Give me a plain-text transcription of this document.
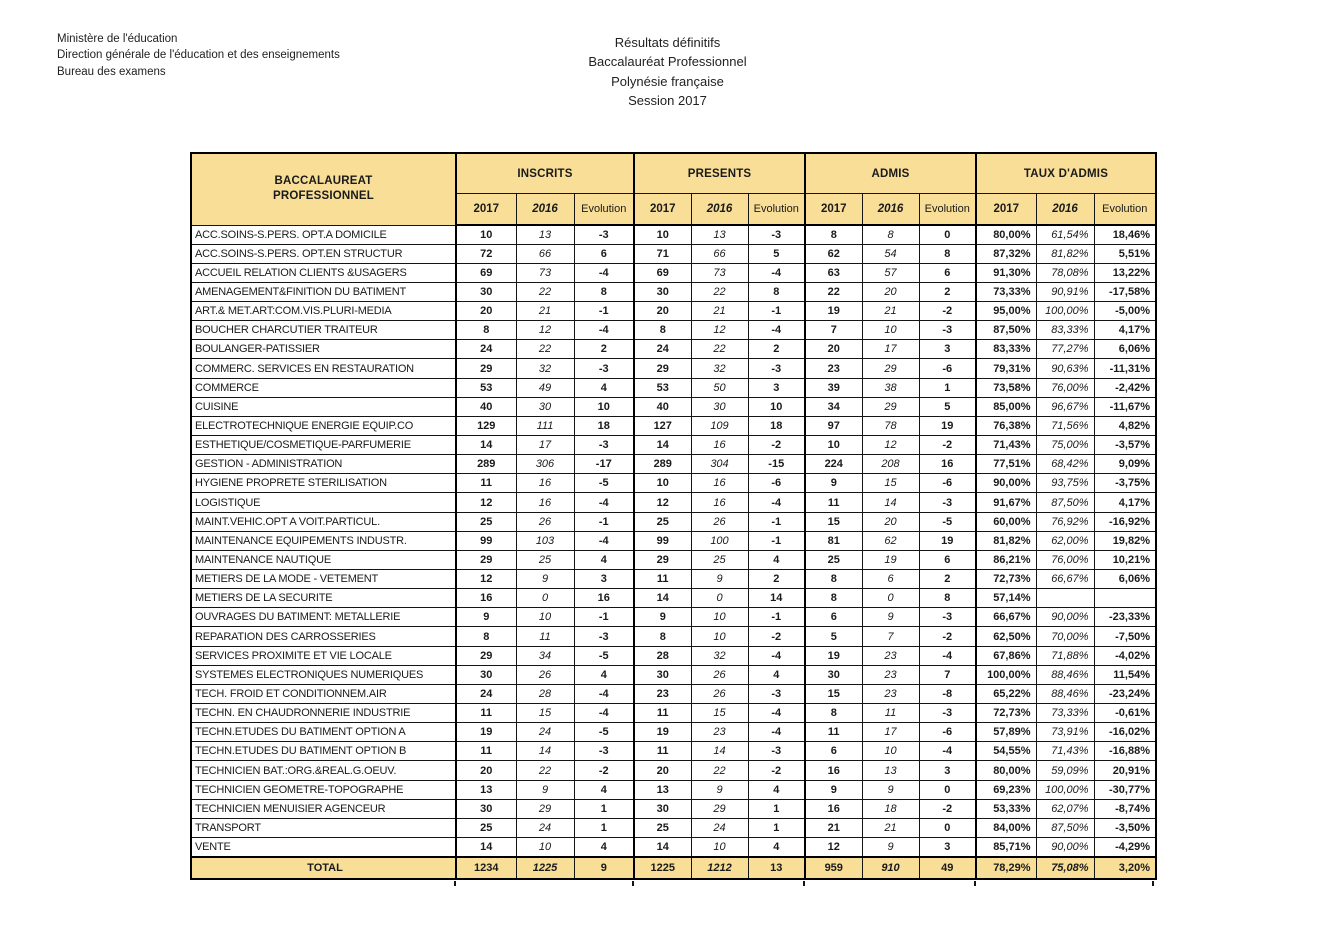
Ministère de l'éducation
Direction générale de l'éducation et des enseignements
Bureau des examens
Résultats définitifs
Baccalauréat Professionnel
Polynésie française
Session 2017
BACCALAUREAT
PROFESSIONNEL	INSCRITS			PRESENTS			ADMIS			TAUX D'ADMIS		
	2017	2016	Evolution	2017	2016	Evolution	2017	2016	Evolution	2017	2016	Evolution
ACC.SOINS-S.PERS. OPT.A DOMICILE	10	13	-3	10	13	-3	8	8	0	80,00%	61,54%	18,46%
ACC.SOINS-S.PERS. OPT.EN STRUCTUR	72	66	6	71	66	5	62	54	8	87,32%	81,82%	5,51%
ACCUEIL RELATION CLIENTS &USAGERS	69	73	-4	69	73	-4	63	57	6	91,30%	78,08%	13,22%
AMENAGEMENT&FINITION DU BATIMENT	30	22	8	30	22	8	22	20	2	73,33%	90,91%	-17,58%
ART.& MET.ART:COM.VIS.PLURI-MEDIA	20	21	-1	20	21	-1	19	21	-2	95,00%	100,00%	-5,00%
BOUCHER CHARCUTIER TRAITEUR	8	12	-4	8	12	-4	7	10	-3	87,50%	83,33%	4,17%
BOULANGER-PATISSIER	24	22	2	24	22	2	20	17	3	83,33%	77,27%	6,06%
COMMERC. SERVICES EN RESTAURATION	29	32	-3	29	32	-3	23	29	-6	79,31%	90,63%	-11,31%
COMMERCE	53	49	4	53	50	3	39	38	1	73,58%	76,00%	-2,42%
CUISINE	40	30	10	40	30	10	34	29	5	85,00%	96,67%	-11,67%
ELECTROTECHNIQUE ENERGIE EQUIP.CO	129	111	18	127	109	18	97	78	19	76,38%	71,56%	4,82%
ESTHETIQUE/COSMETIQUE-PARFUMERIE	14	17	-3	14	16	-2	10	12	-2	71,43%	75,00%	-3,57%
GESTION - ADMINISTRATION	289	306	-17	289	304	-15	224	208	16	77,51%	68,42%	9,09%
HYGIENE PROPRETE STERILISATION	11	16	-5	10	16	-6	9	15	-6	90,00%	93,75%	-3,75%
LOGISTIQUE	12	16	-4	12	16	-4	11	14	-3	91,67%	87,50%	4,17%
MAINT.VEHIC.OPT A VOIT.PARTICUL.	25	26	-1	25	26	-1	15	20	-5	60,00%	76,92%	-16,92%
MAINTENANCE EQUIPEMENTS INDUSTR.	99	103	-4	99	100	-1	81	62	19	81,82%	62,00%	19,82%
MAINTENANCE NAUTIQUE	29	25	4	29	25	4	25	19	6	86,21%	76,00%	10,21%
METIERS DE LA MODE - VETEMENT	12	9	3	11	9	2	8	6	2	72,73%	66,67%	6,06%
METIERS DE LA SECURITE	16	0	16	14	0	14	8	0	8	57,14%		
OUVRAGES DU BATIMENT: METALLERIE	9	10	-1	9	10	-1	6	9	-3	66,67%	90,00%	-23,33%
REPARATION DES CARROSSERIES	8	11	-3	8	10	-2	5	7	-2	62,50%	70,00%	-7,50%
SERVICES PROXIMITE ET VIE LOCALE	29	34	-5	28	32	-4	19	23	-4	67,86%	71,88%	-4,02%
SYSTEMES ELECTRONIQUES NUMERIQUES	30	26	4	30	26	4	30	23	7	100,00%	88,46%	11,54%
TECH. FROID ET CONDITIONNEM.AIR	24	28	-4	23	26	-3	15	23	-8	65,22%	88,46%	-23,24%
TECHN. EN CHAUDRONNERIE INDUSTRIE	11	15	-4	11	15	-4	8	11	-3	72,73%	73,33%	-0,61%
TECHN.ETUDES DU BATIMENT OPTION A	19	24	-5	19	23	-4	11	17	-6	57,89%	73,91%	-16,02%
TECHN.ETUDES DU BATIMENT OPTION B	11	14	-3	11	14	-3	6	10	-4	54,55%	71,43%	-16,88%
TECHNICIEN BAT.:ORG.&REAL.G.OEUV.	20	22	-2	20	22	-2	16	13	3	80,00%	59,09%	20,91%
TECHNICIEN GEOMETRE-TOPOGRAPHE	13	9	4	13	9	4	9	9	0	69,23%	100,00%	-30,77%
TECHNICIEN MENUISIER AGENCEUR	30	29	1	30	29	1	16	18	-2	53,33%	62,07%	-8,74%
TRANSPORT	25	24	1	25	24	1	21	21	0	84,00%	87,50%	-3,50%
VENTE	14	10	4	14	10	4	12	9	3	85,71%	90,00%	-4,29%
TOTAL	1234	1225	9	1225	1212	13	959	910	49	78,29%	75,08%	3,20%
